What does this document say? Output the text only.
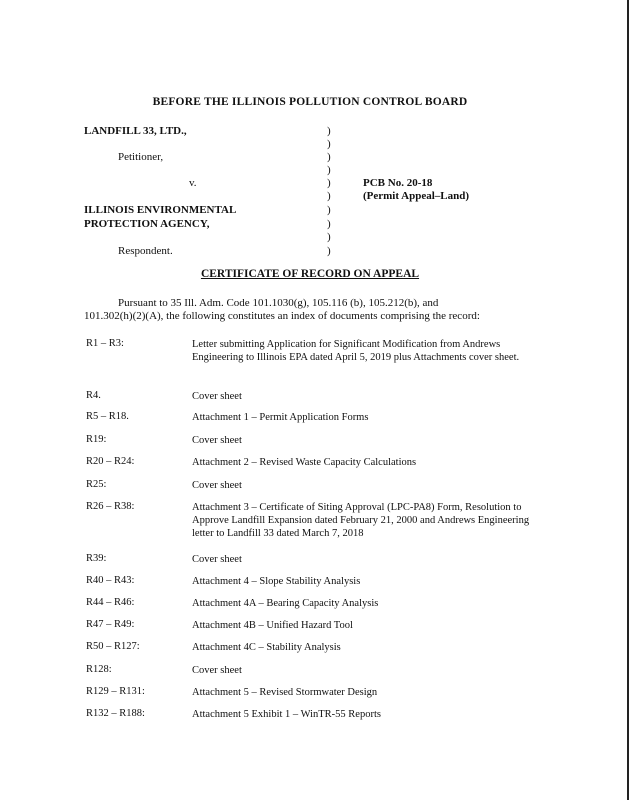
BEFORE THE ILLINOIS POLLUTION CONTROL BOARD
LANDFILL 33, LTD.,
Petitioner,
v.
ILLINOIS ENVIRONMENTAL
PROTECTION AGENCY,
Respondent.
)
)
)
)
)
)
)
)
)
)
PCB No. 20-18
(Permit Appeal–Land)
CERTIFICATE OF RECORD ON APPEAL
Pursuant to 35 Ill. Adm. Code 101.1030(g), 105.116 (b), 105.212(b), and
101.302(h)(2)(A), the following constitutes an index of documents comprising the record:
R1 – R3:	Letter submitting Application for Significant Modification from Andrews Engineering to Illinois EPA dated April 5, 2019 plus Attachments cover sheet.
R4.	Cover sheet
R5 – R18.	Attachment 1 – Permit Application Forms
R19:	Cover sheet
R20 – R24:	Attachment 2 – Revised Waste Capacity Calculations
R25:	Cover sheet
R26 – R38:	Attachment 3 – Certificate of Siting Approval (LPC-PA8) Form, Resolution to Approve Landfill Expansion dated February 21, 2000 and Andrews Engineering letter to Landfill 33 dated March 7, 2018
R39:	Cover sheet
R40 – R43:	Attachment 4 – Slope Stability Analysis
R44 – R46:	Attachment 4A – Bearing Capacity Analysis
R47 – R49:	Attachment 4B – Unified Hazard Tool
R50 – R127:	Attachment 4C – Stability Analysis
R128:	Cover sheet
R129 – R131:	Attachment 5 – Revised Stormwater Design
R132 – R188:	Attachment 5 Exhibit 1 – WinTR-55 Reports
